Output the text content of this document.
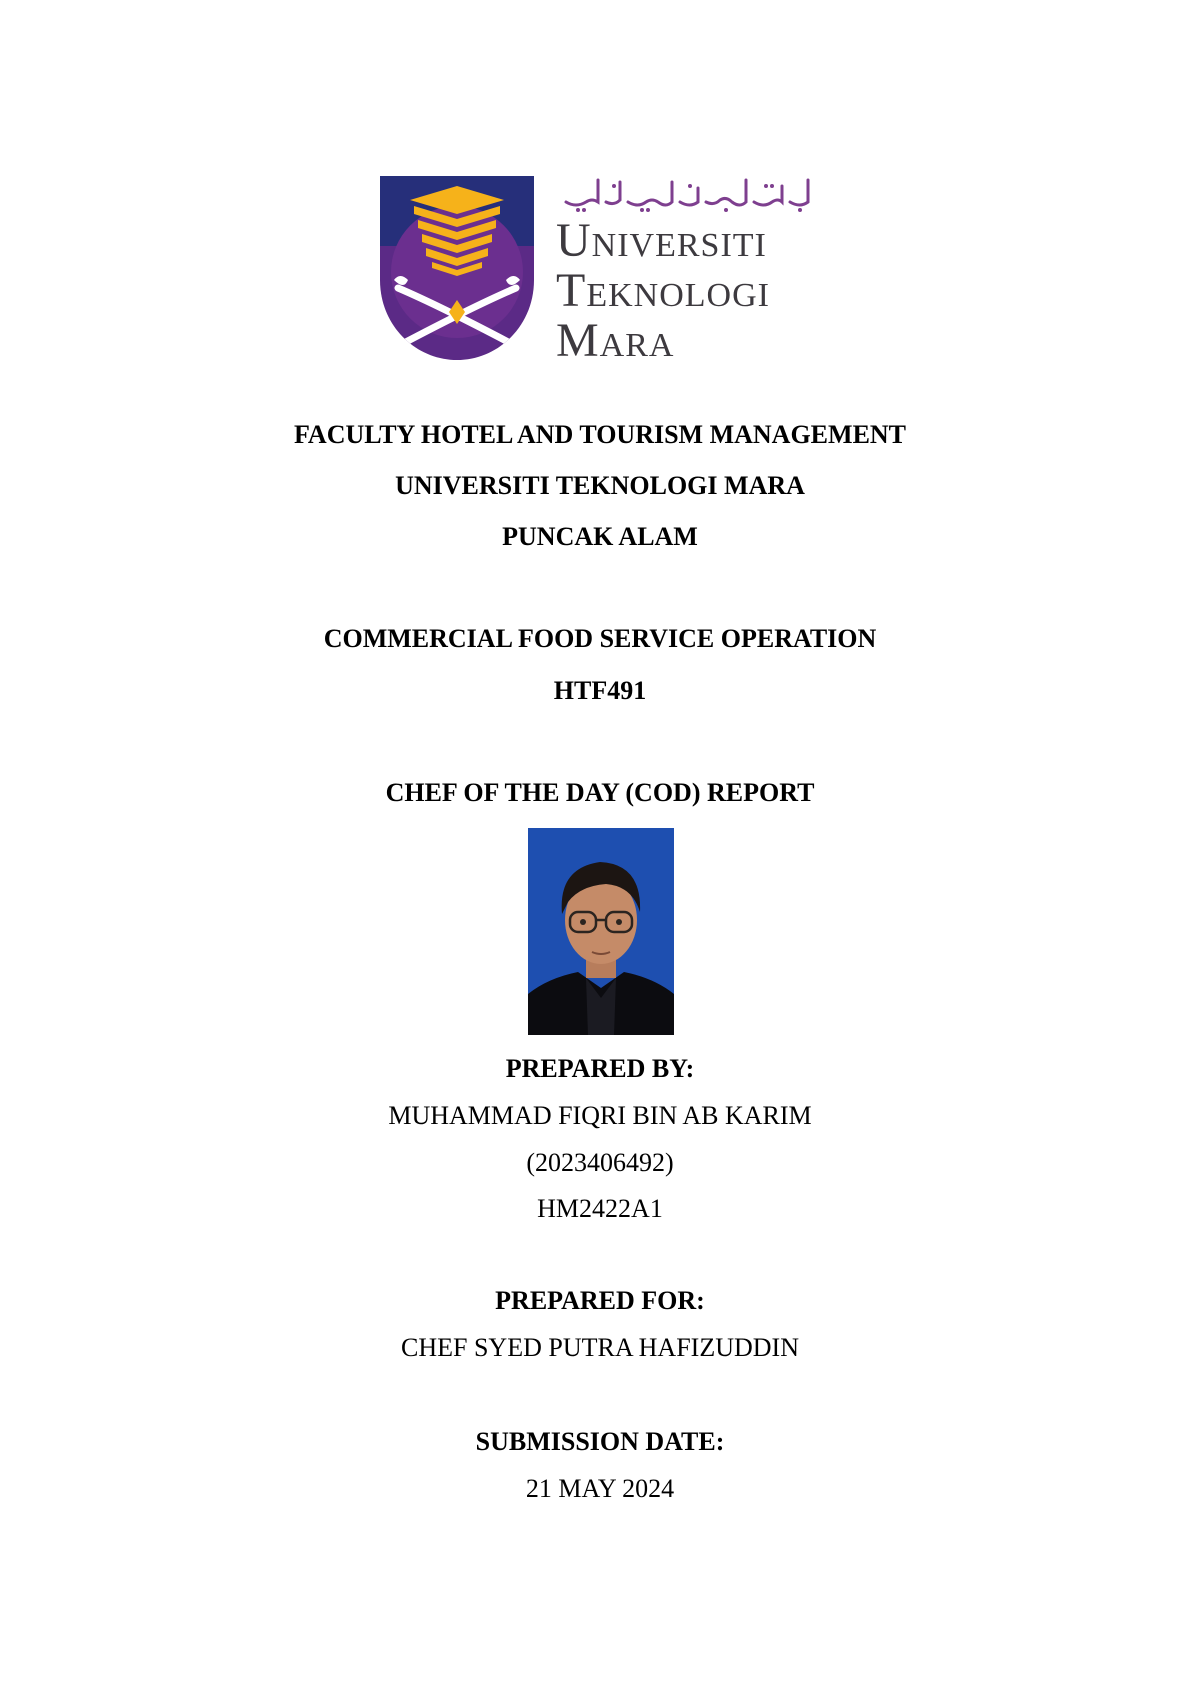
Universiti
Teknologi
Mara
FACULTY HOTEL AND TOURISM MANAGEMENT
UNIVERSITI TEKNOLOGI MARA
PUNCAK ALAM
COMMERCIAL FOOD SERVICE OPERATION
HTF491
CHEF OF THE DAY (COD) REPORT
PREPARED BY:
MUHAMMAD FIQRI BIN AB KARIM
(2023406492)
HM2422A1
PREPARED FOR:
CHEF SYED PUTRA HAFIZUDDIN
SUBMISSION DATE:
21 MAY 2024
